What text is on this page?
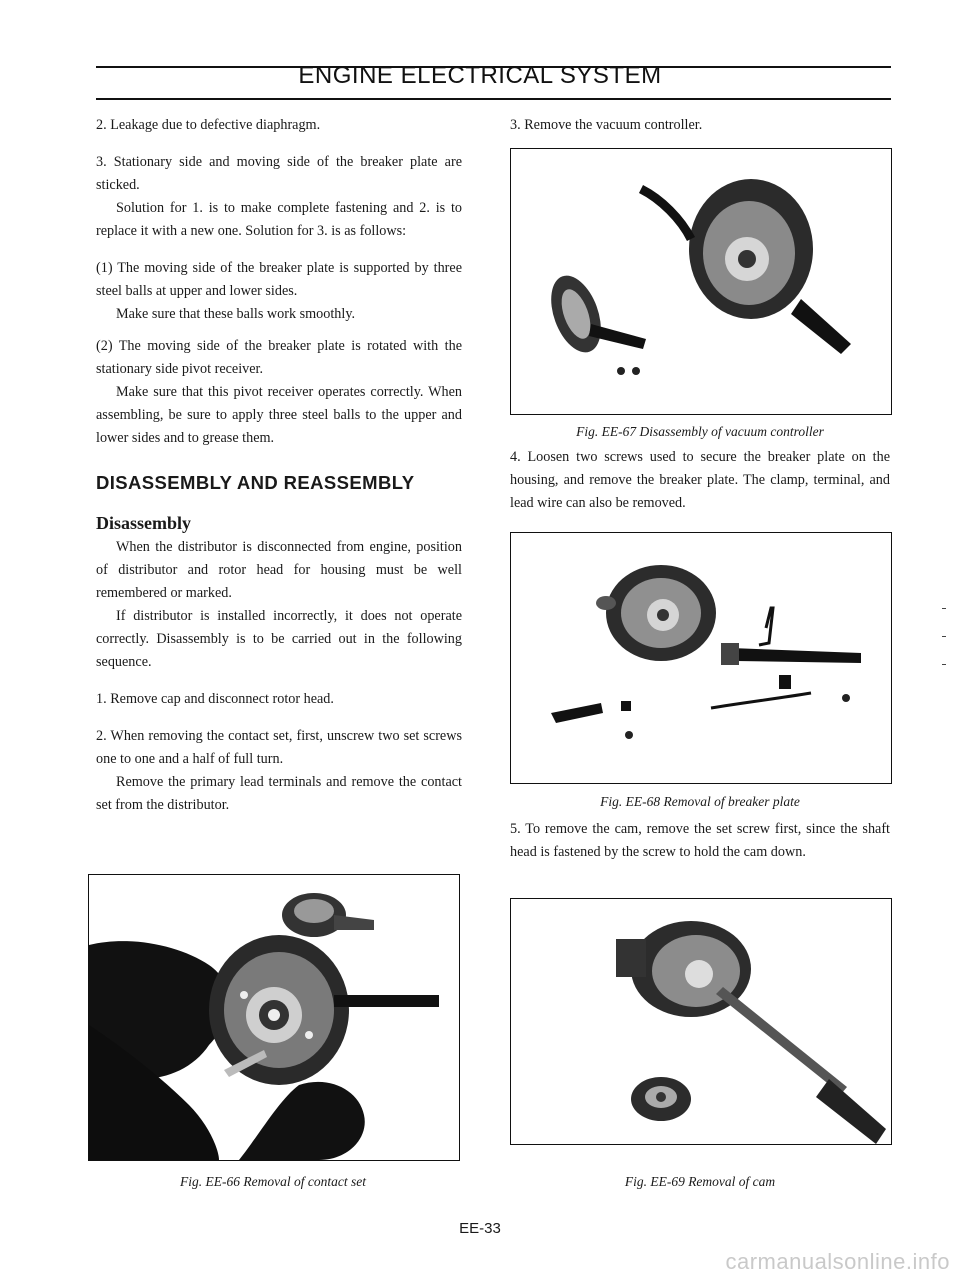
ENGINE ELECTRICAL SYSTEM

2. Leakage due to defective diaphragm.

3. Stationary side and moving side of the breaker plate are sticked.

Solution for 1. is to make complete fastening and 2. is to replace it with a new one. Solution for 3. is as follows:

(1) The moving side of the breaker plate is supported by three steel balls at upper and lower sides.

Make sure that these balls work smoothly.

(2) The moving side of the breaker plate is rotated with the stationary side pivot receiver.

Make sure that this pivot receiver operates correctly. When assembling, be sure to apply three steel balls to the upper and lower sides and to grease them.

DISASSEMBLY AND REASSEMBLY
Disassembly

When the distributor is disconnected from engine, position of distributor and rotor head for housing must be well remembered or marked.

If distributor is installed incorrectly, it does not operate correctly. Disassembly is to be carried out in the following sequence.

1. Remove cap and disconnect rotor head.

2. When removing the contact set, first, unscrew two set screws one to one and a half of full turn.

Remove the primary lead terminals and remove the contact set from the distributor.

Fig. EE-66 Removal of contact set

3. Remove the vacuum controller.

Fig. EE-67 Disassembly of vacuum controller

4. Loosen two screws used to secure the breaker plate on the housing, and remove the breaker plate. The clamp, terminal, and lead wire can also be removed.

Fig. EE-68 Removal of breaker plate

5. To remove the cam, remove the set screw first, since the shaft head is fastened by the screw to hold the cam down.

Fig. EE-69 Removal of cam
EE-33
carmanualsonline.info
